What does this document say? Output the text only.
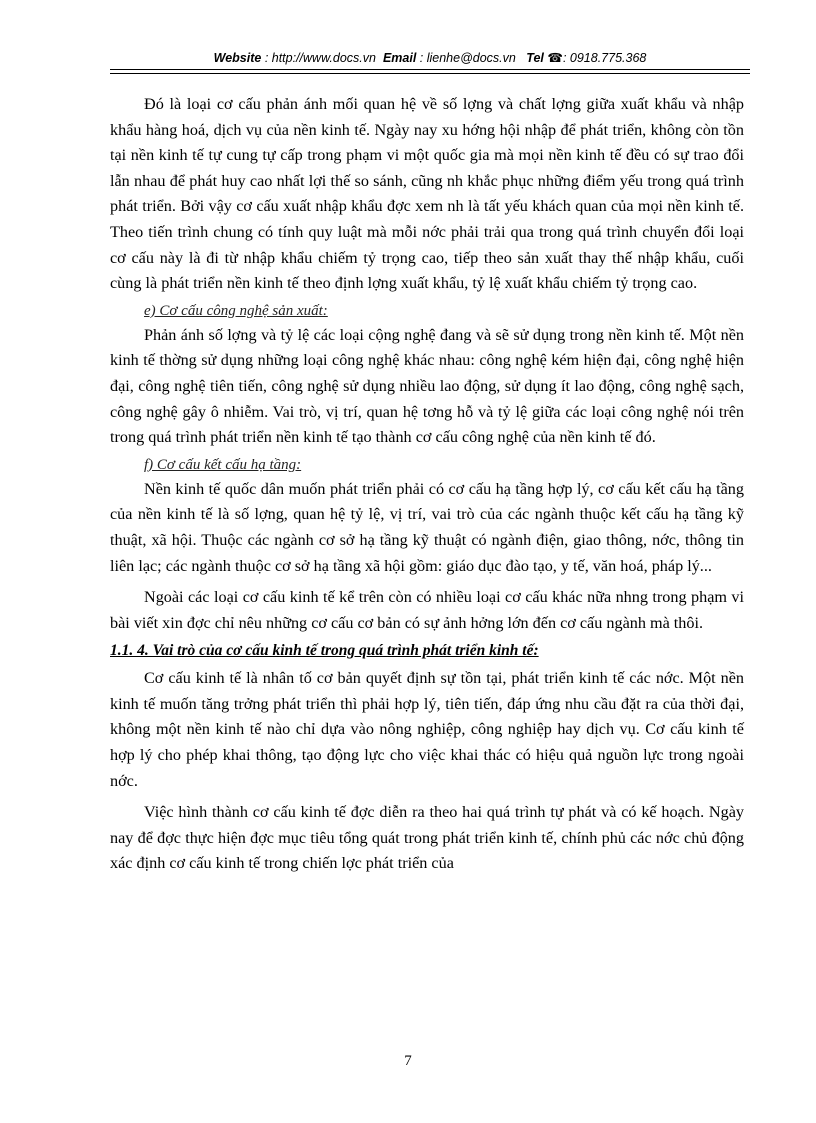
Website : http://www.docs.vn Email : lienhe@docs.vn Tel ☎: 0918.775.368

Đó là loại cơ cấu phản ánh mối quan hệ về số lợng và chất lợng giữa xuất khẩu và nhập khẩu hàng hoá, dịch vụ của nền kinh tế. Ngày nay xu hớng hội nhập để phát triển, không còn tồn tại nền kinh tế tự cung tự cấp trong phạm vi một quốc gia mà mọi nền kinh tế đều có sự trao đổi lẫn nhau để phát huy cao nhất lợi thế so sánh, cũng nh khắc phục những điểm yếu trong quá trình phát triển. Bởi vậy cơ cấu xuất nhập khẩu đợc xem nh là tất yếu khách quan của mọi nền kinh tế. Theo tiến trình chung có tính quy luật mà mỗi nớc phải trải qua trong quá trình chuyển đổi loại cơ cấu này là đi từ nhập khẩu chiếm tỷ trọng cao, tiếp theo sản xuất thay thế nhập khẩu, cuối cùng là phát triển nền kinh tế theo định lợng xuất khẩu, tỷ lệ xuất khẩu chiếm tỷ trọng cao.

e) Cơ cấu công nghệ sản xuất:

Phản ánh số lợng và tỷ lệ các loại cộng nghệ đang và sẽ sử dụng trong nền kinh tế. Một nền kinh tế thờng sử dụng những loại công nghệ khác nhau: công nghệ kém hiện đại, công nghệ hiện đại, công nghệ tiên tiến, công nghệ sử dụng nhiều lao động, sử dụng ít lao động, công nghệ sạch, công nghệ gây ô nhiễm. Vai trò, vị trí, quan hệ tơng hỗ và tỷ lệ giữa các loại công nghệ nói trên trong quá trình phát triển nền kinh tế tạo thành cơ cấu công nghệ của nền kinh tế đó.

f) Cơ cấu kết cấu hạ tầng:

Nền kinh tế quốc dân muốn phát triển phải có cơ cấu hạ tầng hợp lý, cơ cấu kết cấu hạ tầng của nền kinh tế là số lợng, quan hệ tỷ lệ, vị trí, vai trò của các ngành thuộc kết cấu hạ tầng kỹ thuật, xã hội. Thuộc các ngành cơ sở hạ tầng kỹ thuật có ngành điện, giao thông, nớc, thông tin liên lạc; các ngành thuộc cơ sở hạ tầng xã hội gồm: giáo dục đào tạo, y tế, văn hoá, pháp lý...

Ngoài các loại cơ cấu kinh tế kể trên còn có nhiều loại cơ cấu khác nữa nhng trong phạm vi bài viết xin đợc chỉ nêu những cơ cấu cơ bản có sự ảnh hởng lớn đến cơ cấu ngành mà thôi.

1.1. 4. Vai trò của cơ cấu kinh tế trong quá trình phát triển kinh tế:

Cơ cấu kinh tế là nhân tố cơ bản quyết định sự tồn tại, phát triển kinh tế các nớc. Một nền kinh tế muốn tăng trởng phát triển thì phải hợp lý, tiên tiến, đáp ứng nhu cầu đặt ra của thời đại, không một nền kinh tế nào chỉ dựa vào nông nghiệp, công nghiệp hay dịch vụ. Cơ cấu kinh tế hợp lý cho phép khai thông, tạo động lực cho việc khai thác có hiệu quả nguồn lực trong ngoài nớc.

Việc hình thành cơ cấu kinh tế đợc diễn ra theo hai quá trình tự phát và có kế hoạch. Ngày nay để đợc thực hiện đợc mục tiêu tổng quát trong phát triển kinh tế, chính phủ các nớc chủ động xác định cơ cấu kinh tế trong chiến lợc phát triển của

7
